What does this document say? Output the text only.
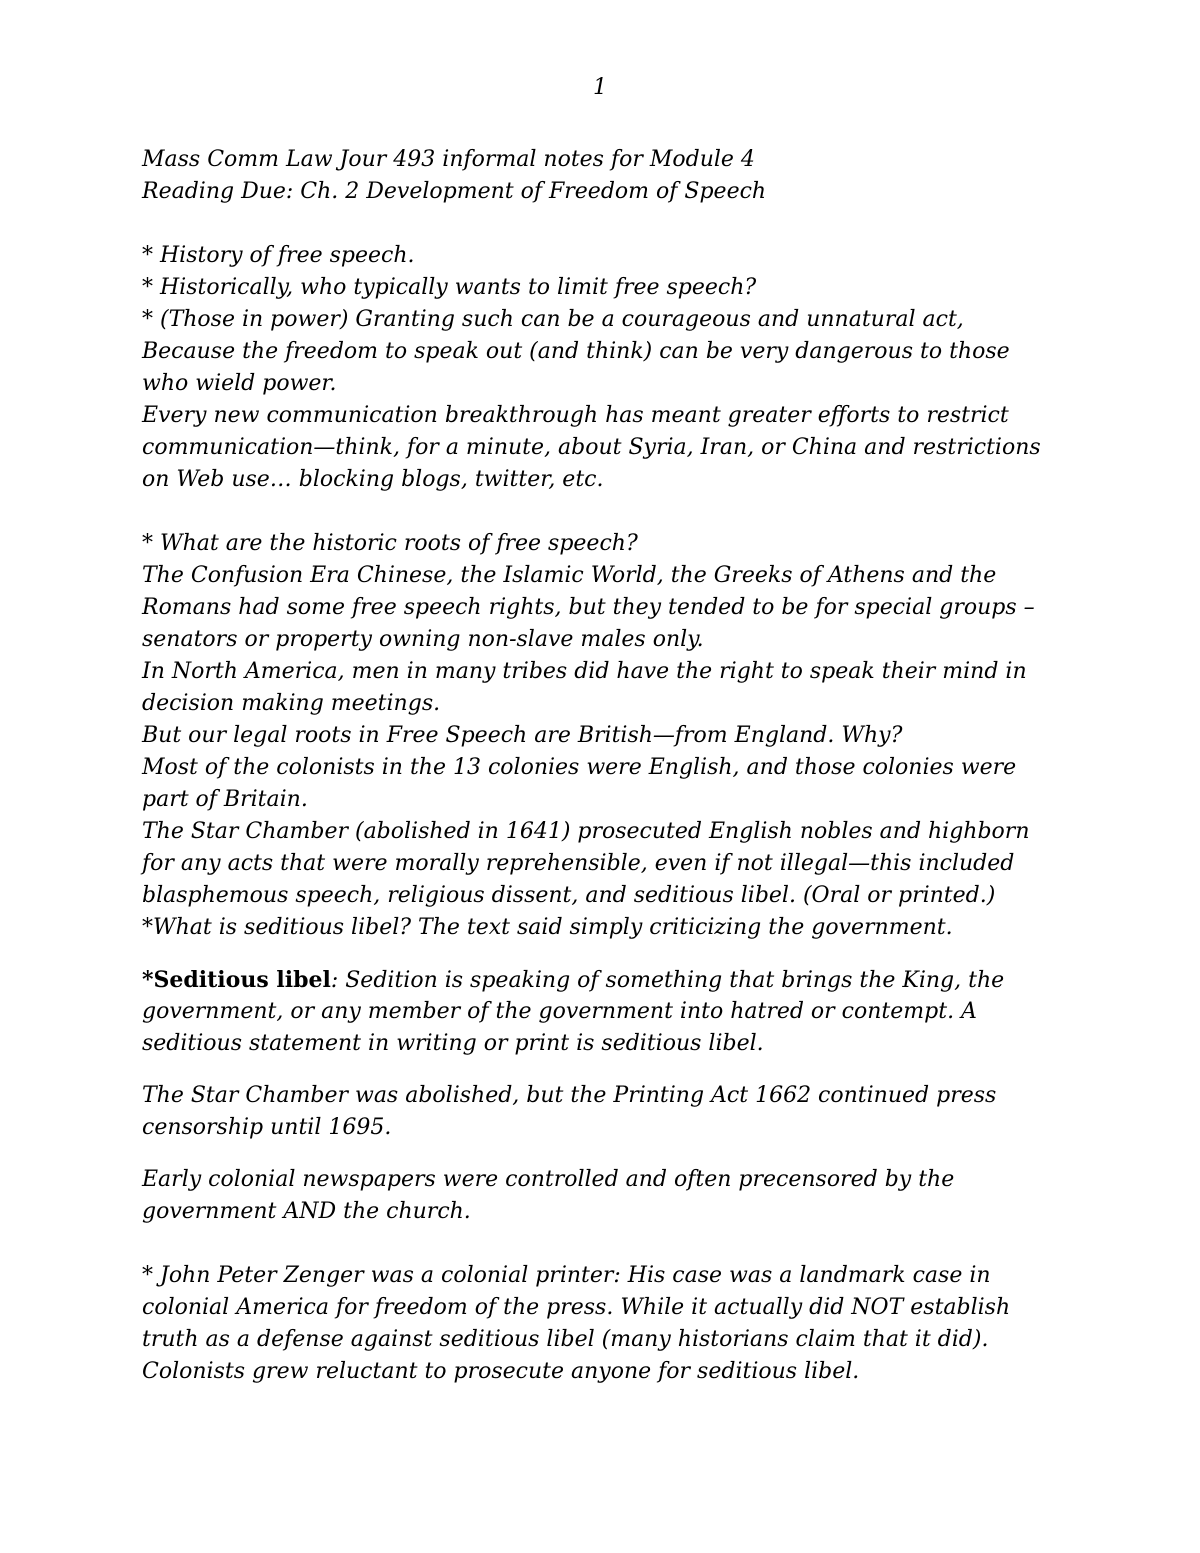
1
Mass Comm Law Jour 493 informal notes for Module 4
Reading Due: Ch. 2 Development of Freedom of Speech
* History of free speech.
* Historically, who typically wants to limit free speech?
* (Those in power) Granting such can be a courageous and unnatural act,
Because the freedom to speak out (and think) can be very dangerous to those
who wield power.
Every new communication breakthrough has meant greater efforts to restrict
communication—think, for a minute, about Syria, Iran, or China and restrictions
on Web use… blocking blogs, twitter, etc.
* What are the historic roots of free speech?
The Confusion Era Chinese, the Islamic World, the Greeks of Athens and the
Romans had some free speech rights, but they tended to be for special groups –
senators or property owning non-slave males only.
In North America, men in many tribes did have the right to speak their mind in
decision making meetings.
But our legal roots in Free Speech are British—from England. Why?
Most of the colonists in the 13 colonies were English, and those colonies were
part of Britain.
The Star Chamber (abolished in 1641) prosecuted English nobles and highborn
for any acts that were morally reprehensible, even if not illegal—this included
blasphemous speech, religious dissent, and seditious libel. (Oral or printed.)
*What is seditious libel? The text said simply criticizing the government.
*Seditious libel: Sedition is speaking of something that brings the King, the
government, or any member of the government into hatred or contempt. A
seditious statement in writing or print is seditious libel.
The Star Chamber was abolished, but the Printing Act 1662 continued press
censorship until 1695.
Early colonial newspapers were controlled and often precensored by the
government AND the church.
* John Peter Zenger was a colonial printer: His case was a landmark case in
colonial America for freedom of the press. While it actually did NOT establish
truth as a defense against seditious libel (many historians claim that it did).
Colonists grew reluctant to prosecute anyone for seditious libel.
